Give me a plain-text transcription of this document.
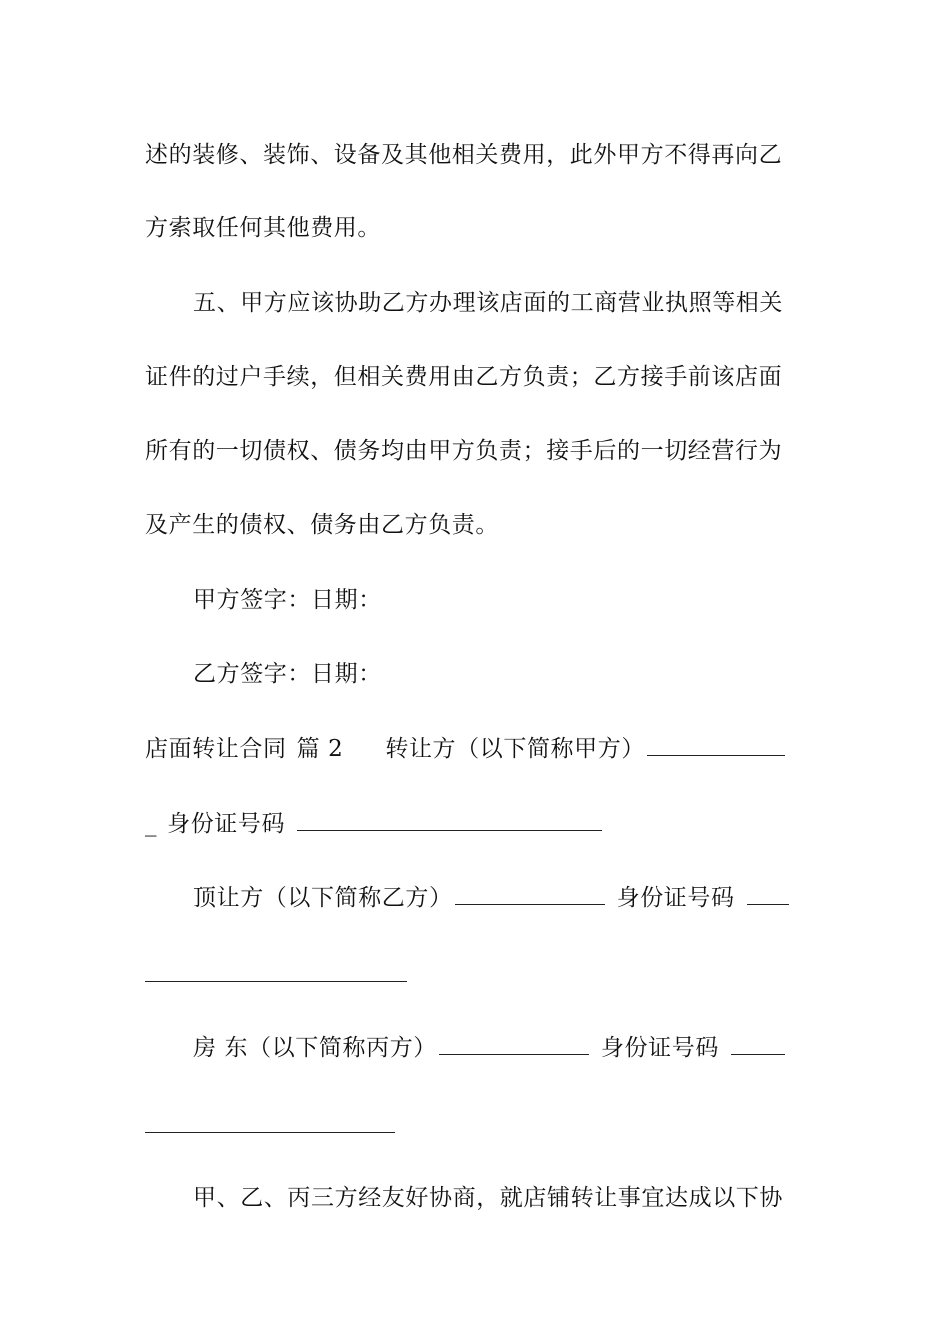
述的装修、装饰、设备及其他相关费用，此外甲方不得再向乙
方索取任何其他费用。
五、甲方应该协助乙方办理该店面的工商营业执照等相关
证件的过户手续，但相关费用由乙方负责；乙方接手前该店面
所有的一切债权、债务均由甲方负责；接手后的一切经营行为
及产生的债权、债务由乙方负责。
甲方签字：日期：
乙方签字：日期：
店面转让合同 篇 2 转让方（以下简称甲方）
_ 身份证号码
顶让方（以下简称乙方）	身份证号码
房 东（以下简称丙方）	身份证号码
甲、乙、丙三方经友好协商，就店铺转让事宜达成以下协
